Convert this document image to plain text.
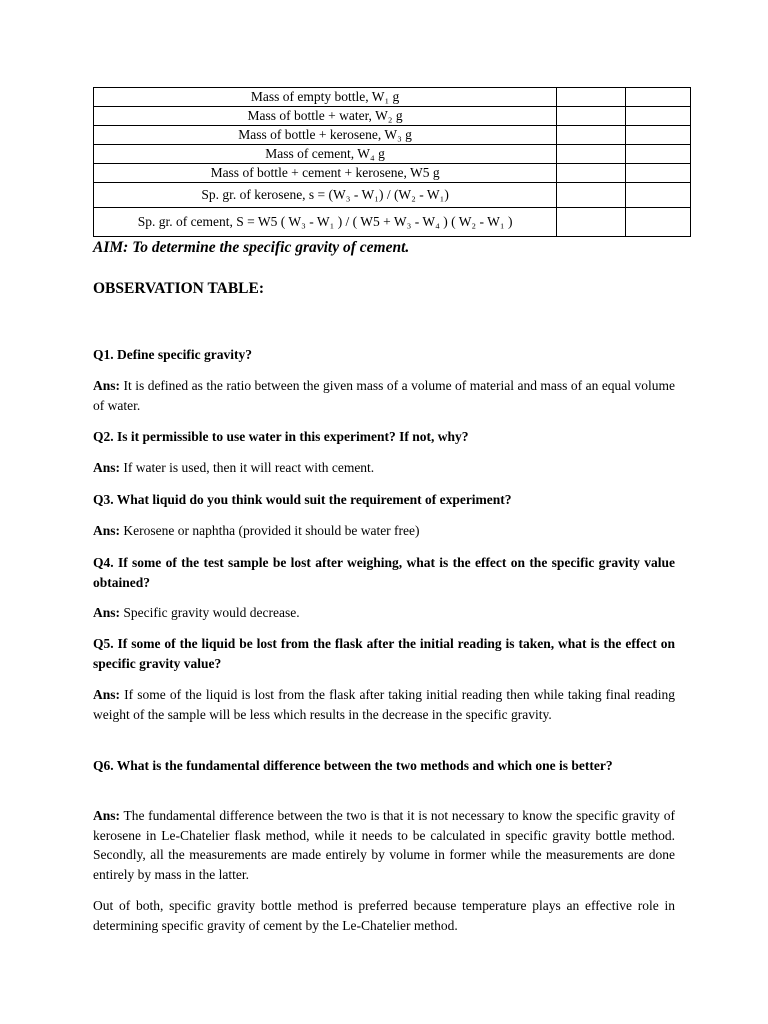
Mass of empty bottle, W₁ g		
Mass of bottle + water, W₂ g		
Mass of bottle + kerosene, W₃ g		
Mass of cement, W₄ g		
Mass of bottle + cement + kerosene, W5 g		
Sp. gr. of kerosene, s = (W₃ - W₁) / (W₂ - W₁)		
Sp. gr. of cement, S = W5 ( W₃ - W₁ ) / ( W5 + W₃ - W₄ ) ( W₂ - W₁ )		
AIM: To determine the specific gravity of cement.
OBSERVATION TABLE:
Q1. Define specific gravity?
Ans: It is defined as the ratio between the given mass of a volume of material and mass of an equal volume of water.
Q2. Is it permissible to use water in this experiment? If not, why?
Ans: If water is used, then it will react with cement.
Q3. What liquid do you think would suit the requirement of experiment?
Ans: Kerosene or naphtha (provided it should be water free)
Q4. If some of the test sample be lost after weighing, what is the effect on the specific gravity value obtained?
Ans: Specific gravity would decrease.
Q5. If some of the liquid be lost from the flask after the initial reading is taken, what is the effect on specific gravity value?
Ans: If some of the liquid is lost from the flask after taking initial reading then while taking final reading weight of the sample will be less which results in the decrease in the specific gravity.
Q6. What is the fundamental difference between the two methods and which one is better?
Ans: The fundamental difference between the two is that it is not necessary to know the specific gravity of kerosene in Le-Chatelier flask method, while it needs to be calculated in specific gravity bottle method. Secondly, all the measurements are made entirely by volume in former while the measurements are done entirely by mass in the latter.
Out of both, specific gravity bottle method is preferred because temperature plays an effective role in determining specific gravity of cement by the Le-Chatelier method.
